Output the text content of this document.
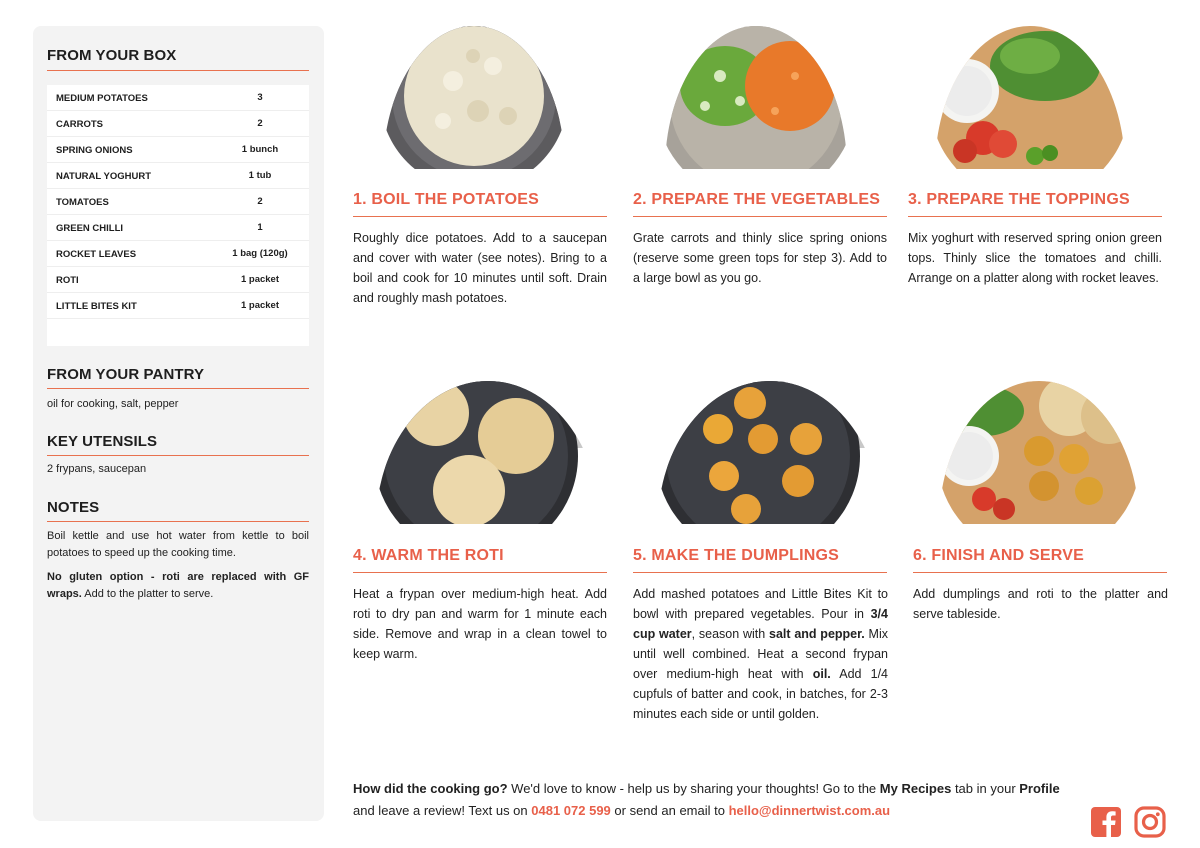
FROM YOUR BOX
MEDIUM POTATOES	3
CARROTS	2
SPRING ONIONS	1 bunch
NATURAL YOGHURT	1 tub
TOMATOES	2
GREEN CHILLI	1
ROCKET LEAVES	1 bag (120g)
ROTI	1 packet
LITTLE BITES KIT	1 packet
FROM YOUR PANTRY
oil for cooking, salt, pepper
KEY UTENSILS
2 frypans, saucepan
NOTES
Boil kettle and use hot water from kettle to boil potatoes to speed up the cooking time.
No gluten option - roti are replaced with GF wraps. Add to the platter to serve.
1. BOIL THE POTATOES
Roughly dice potatoes. Add to a saucepan and cover with water (see notes). Bring to a boil and cook for 10 minutes until soft. Drain and roughly mash potatoes.
2. PREPARE THE VEGETABLES
Grate carrots and thinly slice spring onions (reserve some green tops for step 3). Add to a large bowl as you go.
3. PREPARE THE TOPPINGS
Mix yoghurt with reserved spring onion green tops. Thinly slice the tomatoes and chilli. Arrange on a platter along with rocket leaves.
4. WARM THE ROTI
Heat a frypan over medium-high heat. Add roti to dry pan and warm for 1 minute each side. Remove and wrap in a clean towel to keep warm.
5. MAKE THE DUMPLINGS
Add mashed potatoes and Little Bites Kit to bowl with prepared vegetables. Pour in 3/4 cup water, season with salt and pepper. Mix until well combined. Heat a second frypan over medium-high heat with oil. Add 1/4 cupfuls of batter and cook, in batches, for 2-3 minutes each side or until golden.
6. FINISH AND SERVE
Add dumplings and roti to the platter and serve tableside.
How did the cooking go? We'd love to know - help us by sharing your thoughts! Go to the My Recipes tab in your Profile and leave a review! Text us on 0481 072 599 or send an email to hello@dinnertwist.com.au
